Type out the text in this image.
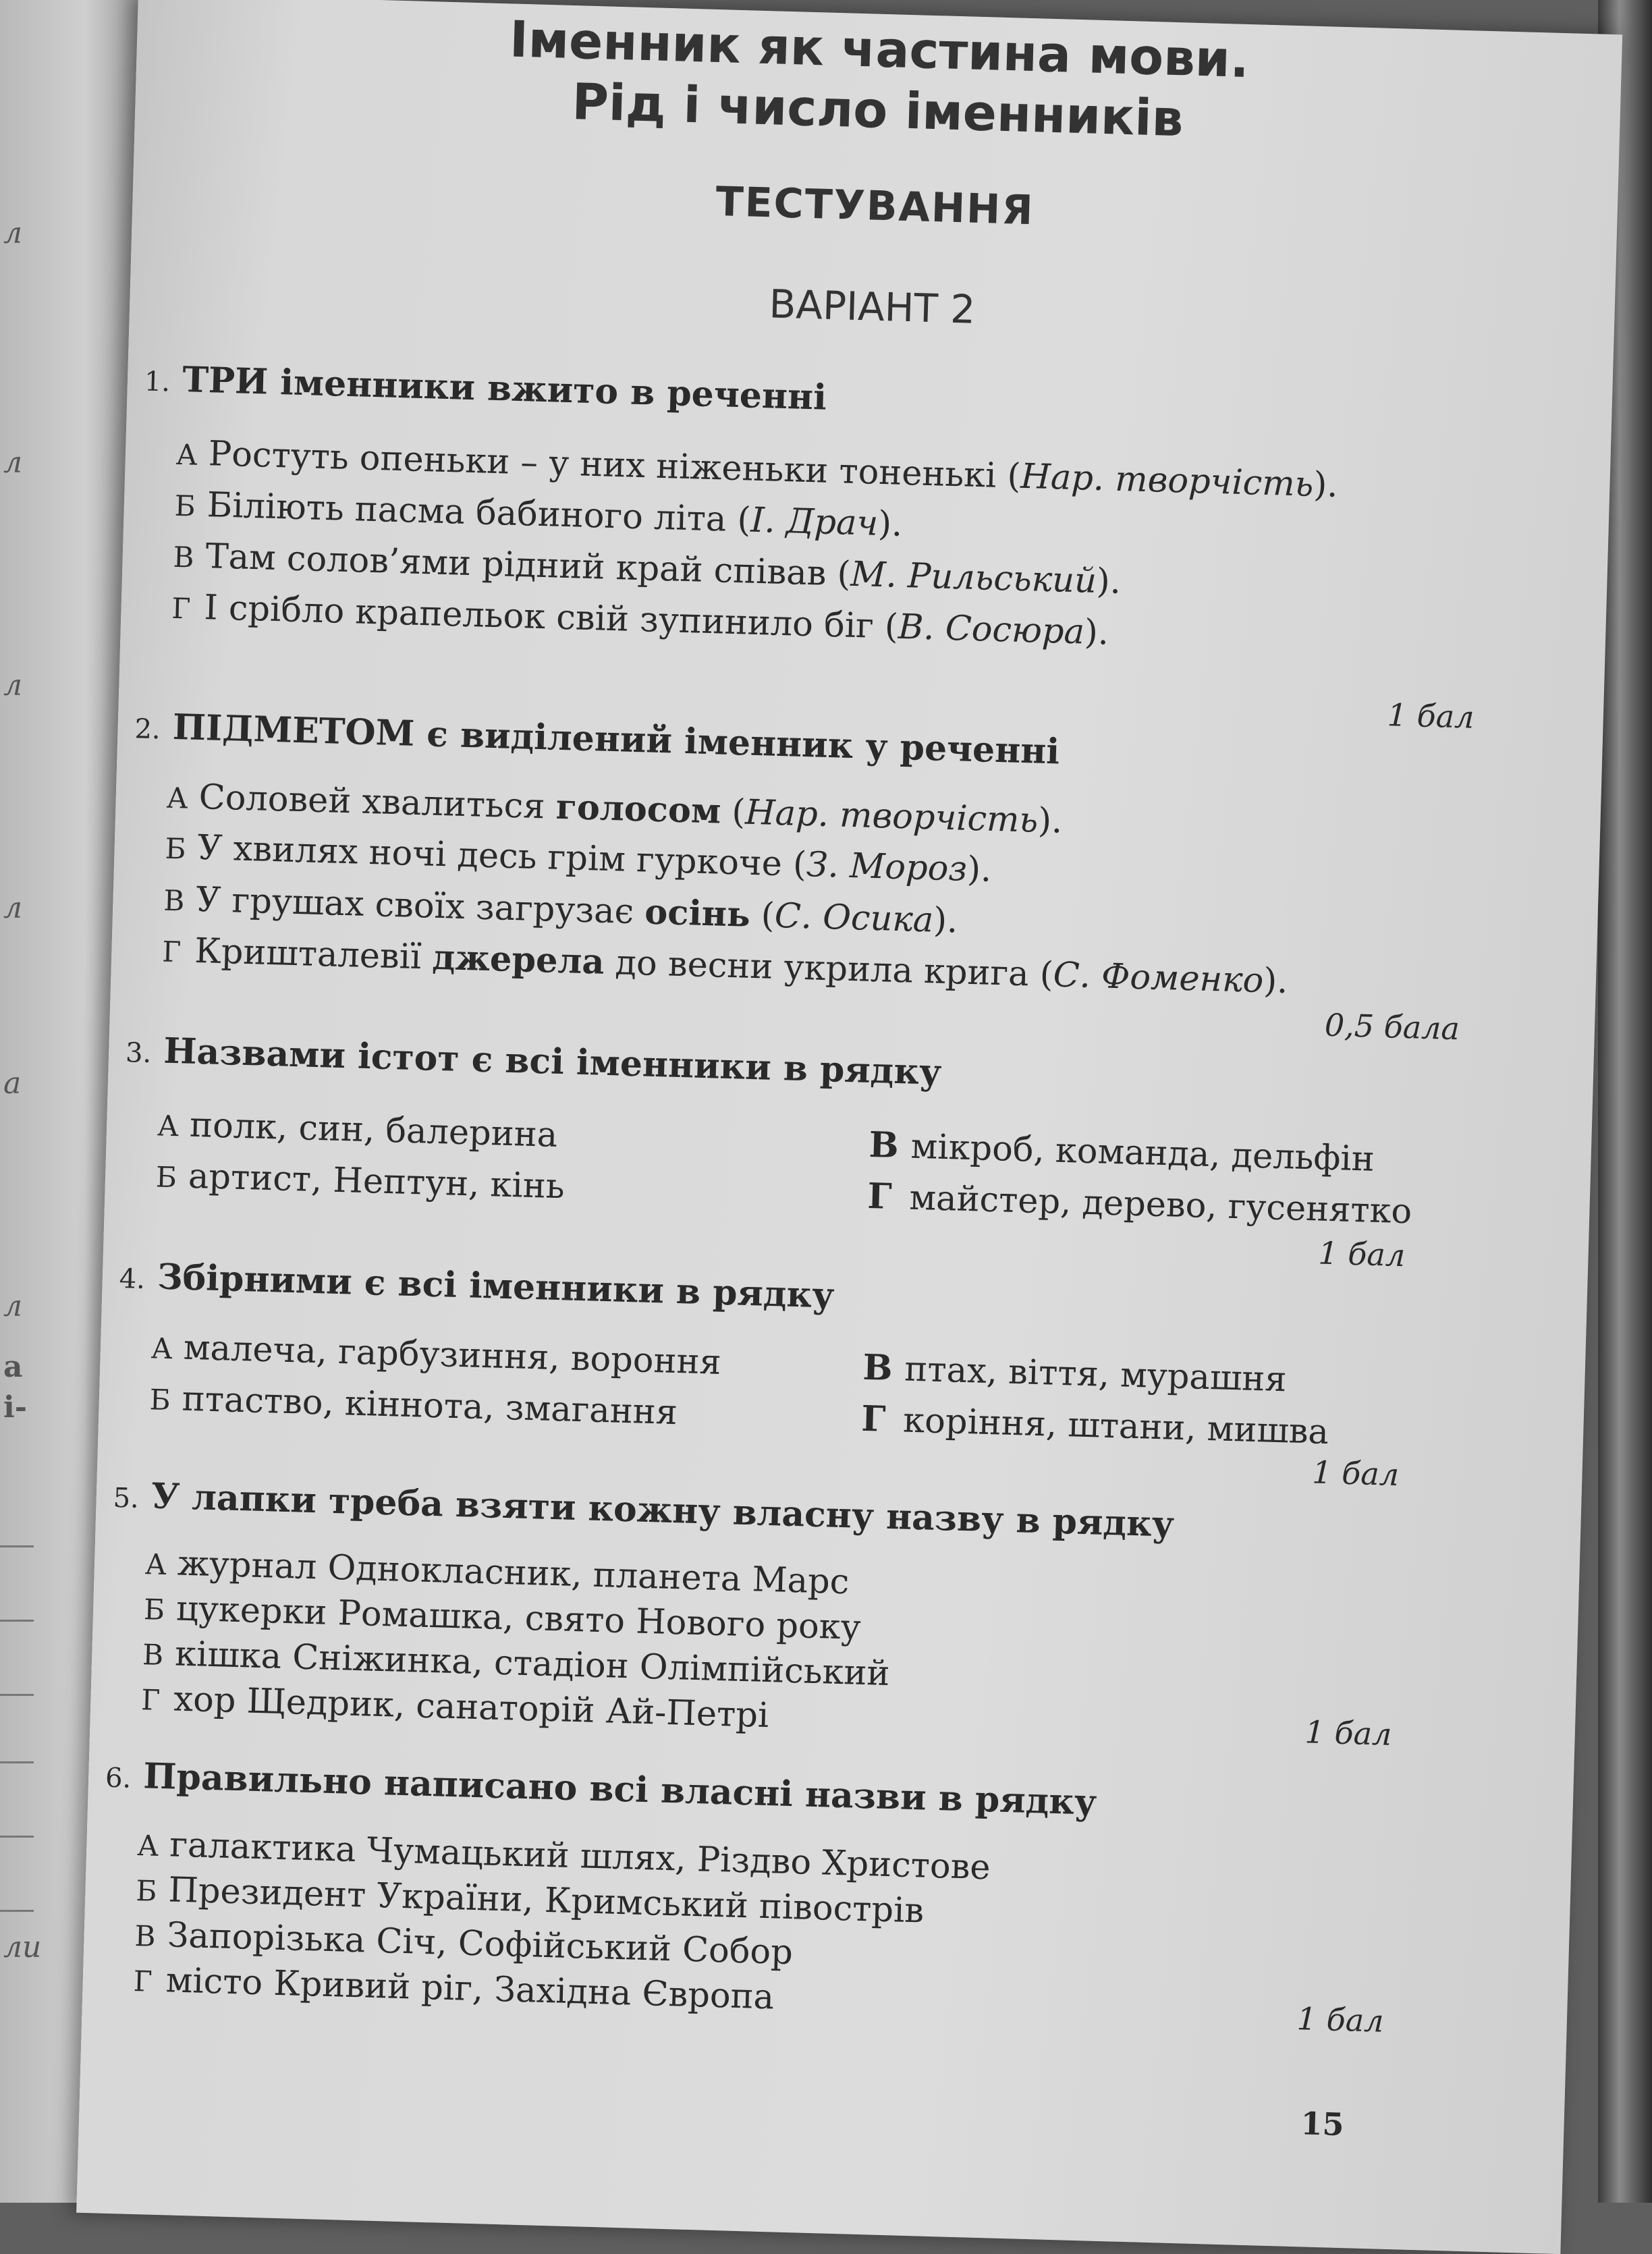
л
л
л
л
а
л
а
і-
ли
Іменник як частина мови.
Рід і число іменників
ТЕСТУВАННЯ
ВАРІАНТ 2
1. ТРИ іменники вжито в реченні
А Ростуть опеньки – у них ніженьки тоненькі (Нар. творчість).
Б Біліють пасма бабиного літа (І. Драч).
В Там солов’ями рідний край співав (М. Рильський).
Г І срібло крапельок свій зупинило біг (В. Сосюра).
1 бал
2. ПІДМЕТОМ є виділений іменник у реченні
А Соловей хвалиться голосом (Нар. творчість).
Б У хвилях ночі десь грім гуркоче (З. Мороз).
В У грушах своїх загрузає осінь (С. Осика).
Г Кришталевії джерела до весни укрила крига (С. Фоменко).
0,5 бала
3. Назвами істот є всі іменники в рядку
А полк, син, балерина
Б артист, Нептун, кінь
В мікроб, команда, дельфін
Г майстер, дерево, гусенятко
1 бал
4. Збірними є всі іменники в рядку
А малеча, гарбузиння, вороння
Б птаство, кіннота, змагання
В птах, віття, мурашня
Г коріння, штани, мишва
1 бал
5. У лапки треба взяти кожну власну назву в рядку
А журнал Однокласник, планета Марс
Б цукерки Ромашка, свято Нового року
В кішка Сніжинка, стадіон Олімпійський
Г хор Щедрик, санаторій Ай-Петрі	1 бал
6. Правильно написано всі власні назви в рядку
А галактика Чумацький шлях, Різдво Христове
Б Президент України, Кримський півострів
В Запорізька Січ, Софійський Собор
Г місто Кривий ріг, Західна Європа
1 бал
15
